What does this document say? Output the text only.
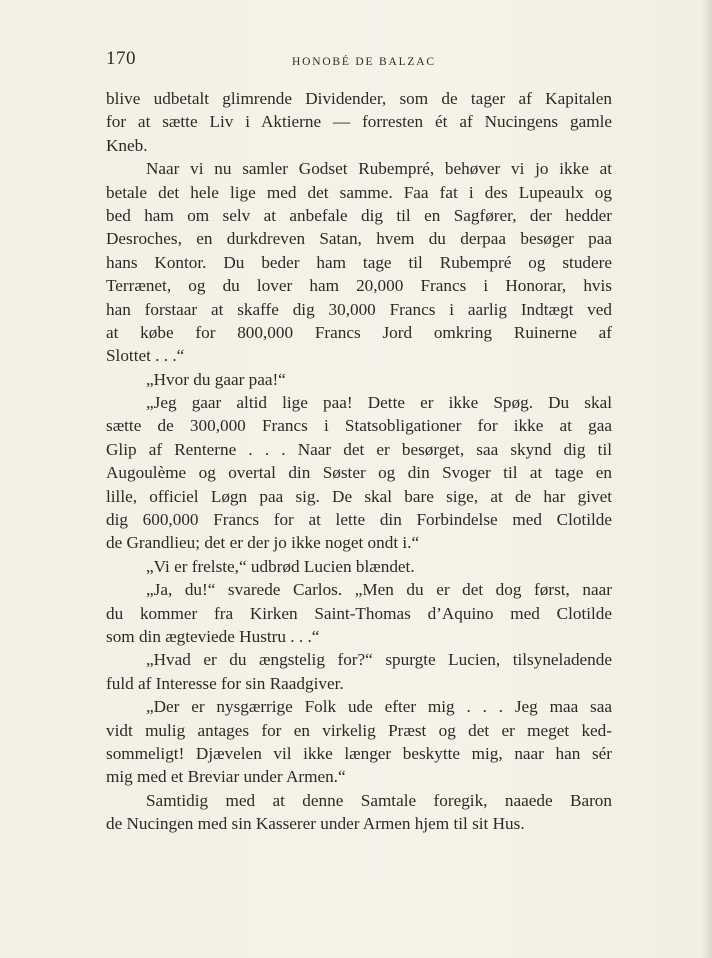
170	HONOBÉ DE BALZAC
blive udbetalt glimrende Dividender, som de tager af Kapitalen
for at sætte Liv i Aktierne — forresten ét af Nucingens gamle
Kneb.
Naar vi nu samler Godset Rubempré, behøver vi jo ikke at
betale det hele lige med det samme. Faa fat i des Lupeaulx og
bed ham om selv at anbefale dig til en Sagfører, der hedder
Desroches, en durkdreven Satan, hvem du derpaa besøger paa
hans Kontor. Du beder ham tage til Rubempré og studere
Terrænet, og du lover ham 20,000 Francs i Honorar, hvis
han forstaar at skaffe dig 30,000 Francs i aarlig Indtægt ved
at købe for 800,000 Francs Jord omkring Ruinerne af
Slottet . . .“
„Hvor du gaar paa!“
„Jeg gaar altid lige paa! Dette er ikke Spøg. Du skal
sætte de 300,000 Francs i Statsobligationer for ikke at gaa
Glip af Renterne . . . Naar det er besørget, saa skynd dig til
Augoulème og overtal din Søster og din Svoger til at tage en
lille, officiel Løgn paa sig. De skal bare sige, at de har givet
dig 600,000 Francs for at lette din Forbindelse med Clotilde
de Grandlieu; det er der jo ikke noget ondt i.“
„Vi er frelste,“ udbrød Lucien blændet.
„Ja, du!“ svarede Carlos. „Men du er det dog først, naar
du kommer fra Kirken Saint-Thomas d’Aquino med Clotilde
som din ægteviede Hustru . . .“
„Hvad er du ængstelig for?“ spurgte Lucien, tilsyneladende
fuld af Interesse for sin Raadgiver.
„Der er nysgærrige Folk ude efter mig . . . Jeg maa saa
vidt mulig antages for en virkelig Præst og det er meget ked-
sommeligt! Djævelen vil ikke længer beskytte mig, naar han sér
mig med et Breviar under Armen.“
Samtidig med at denne Samtale foregik, naaede Baron
de Nucingen med sin Kasserer under Armen hjem til sit Hus.
